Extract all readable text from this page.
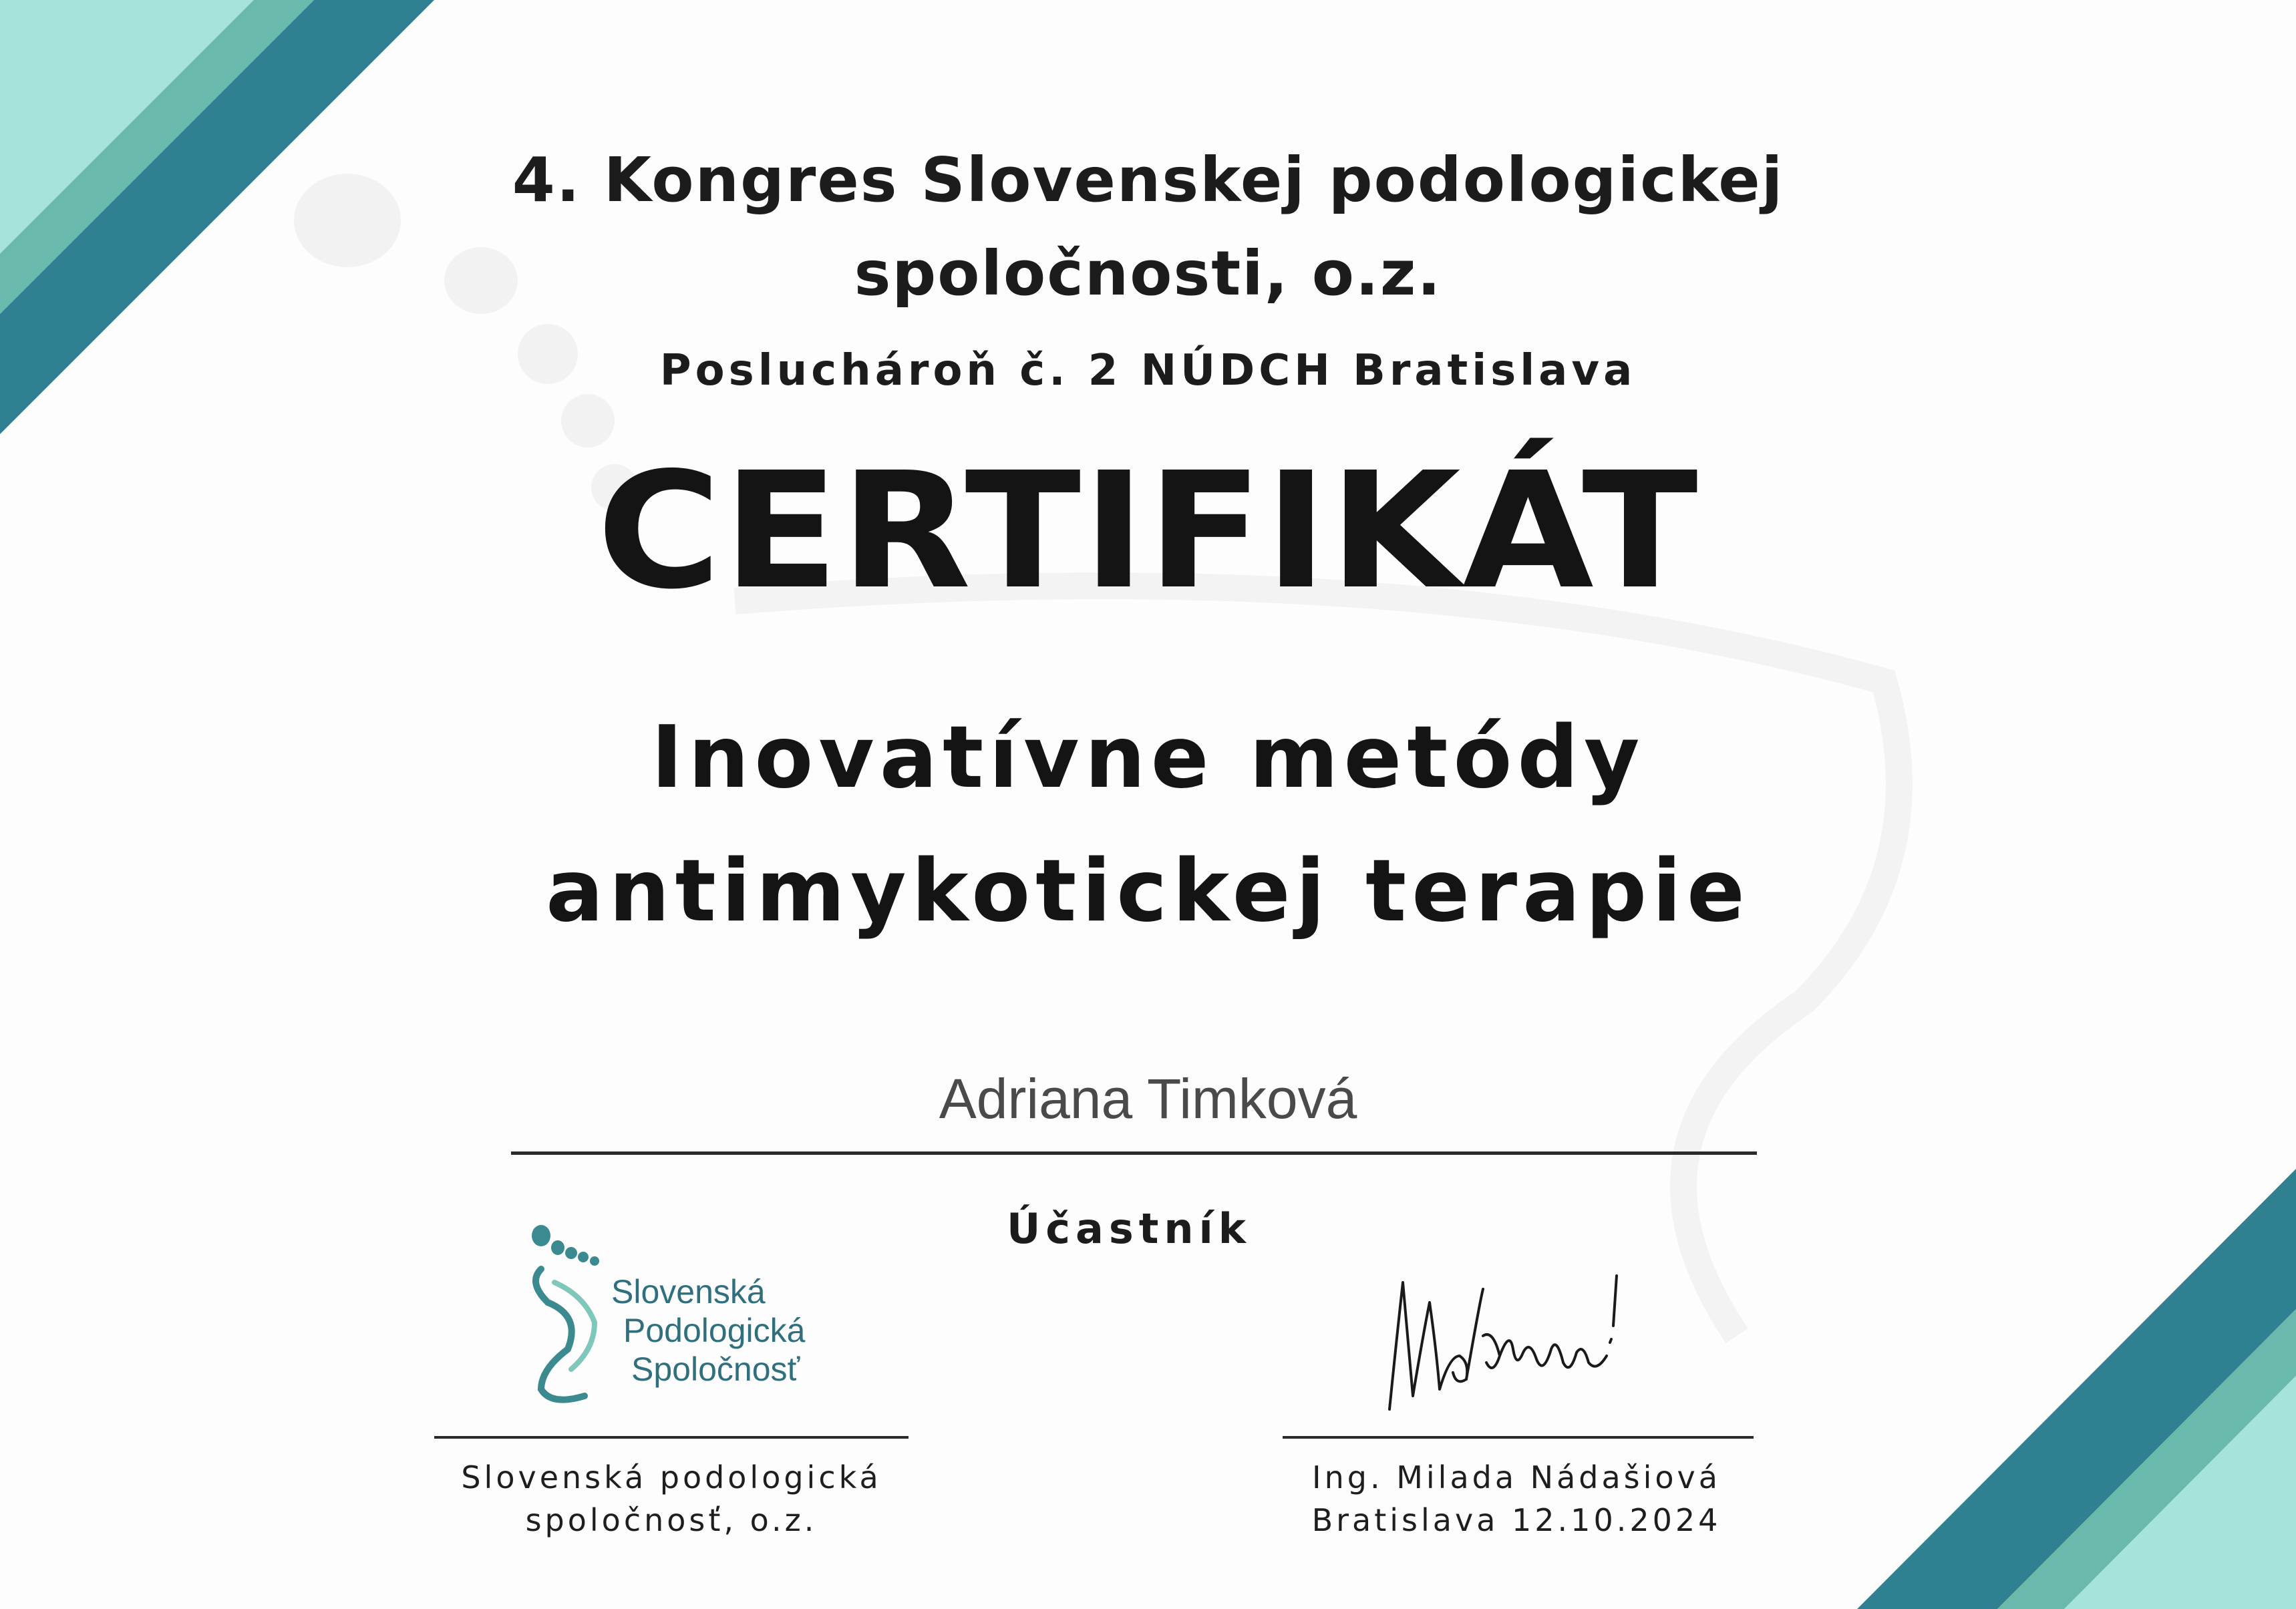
4. Kongres Slovenskej podologickej
spoločnosti, o.z.
Posluchároň č. 2 NÚDCH Bratislava
CERTIFIKÁT
Inovatívne metódy
antimykotickej terapie
Adriana Timková
Účastník
Slovenská
Podologická
Spoločnosť
Slovenská podologická
spoločnosť, o.z.
Ing. Milada Nádašiová
Bratislava 12.10.2024
